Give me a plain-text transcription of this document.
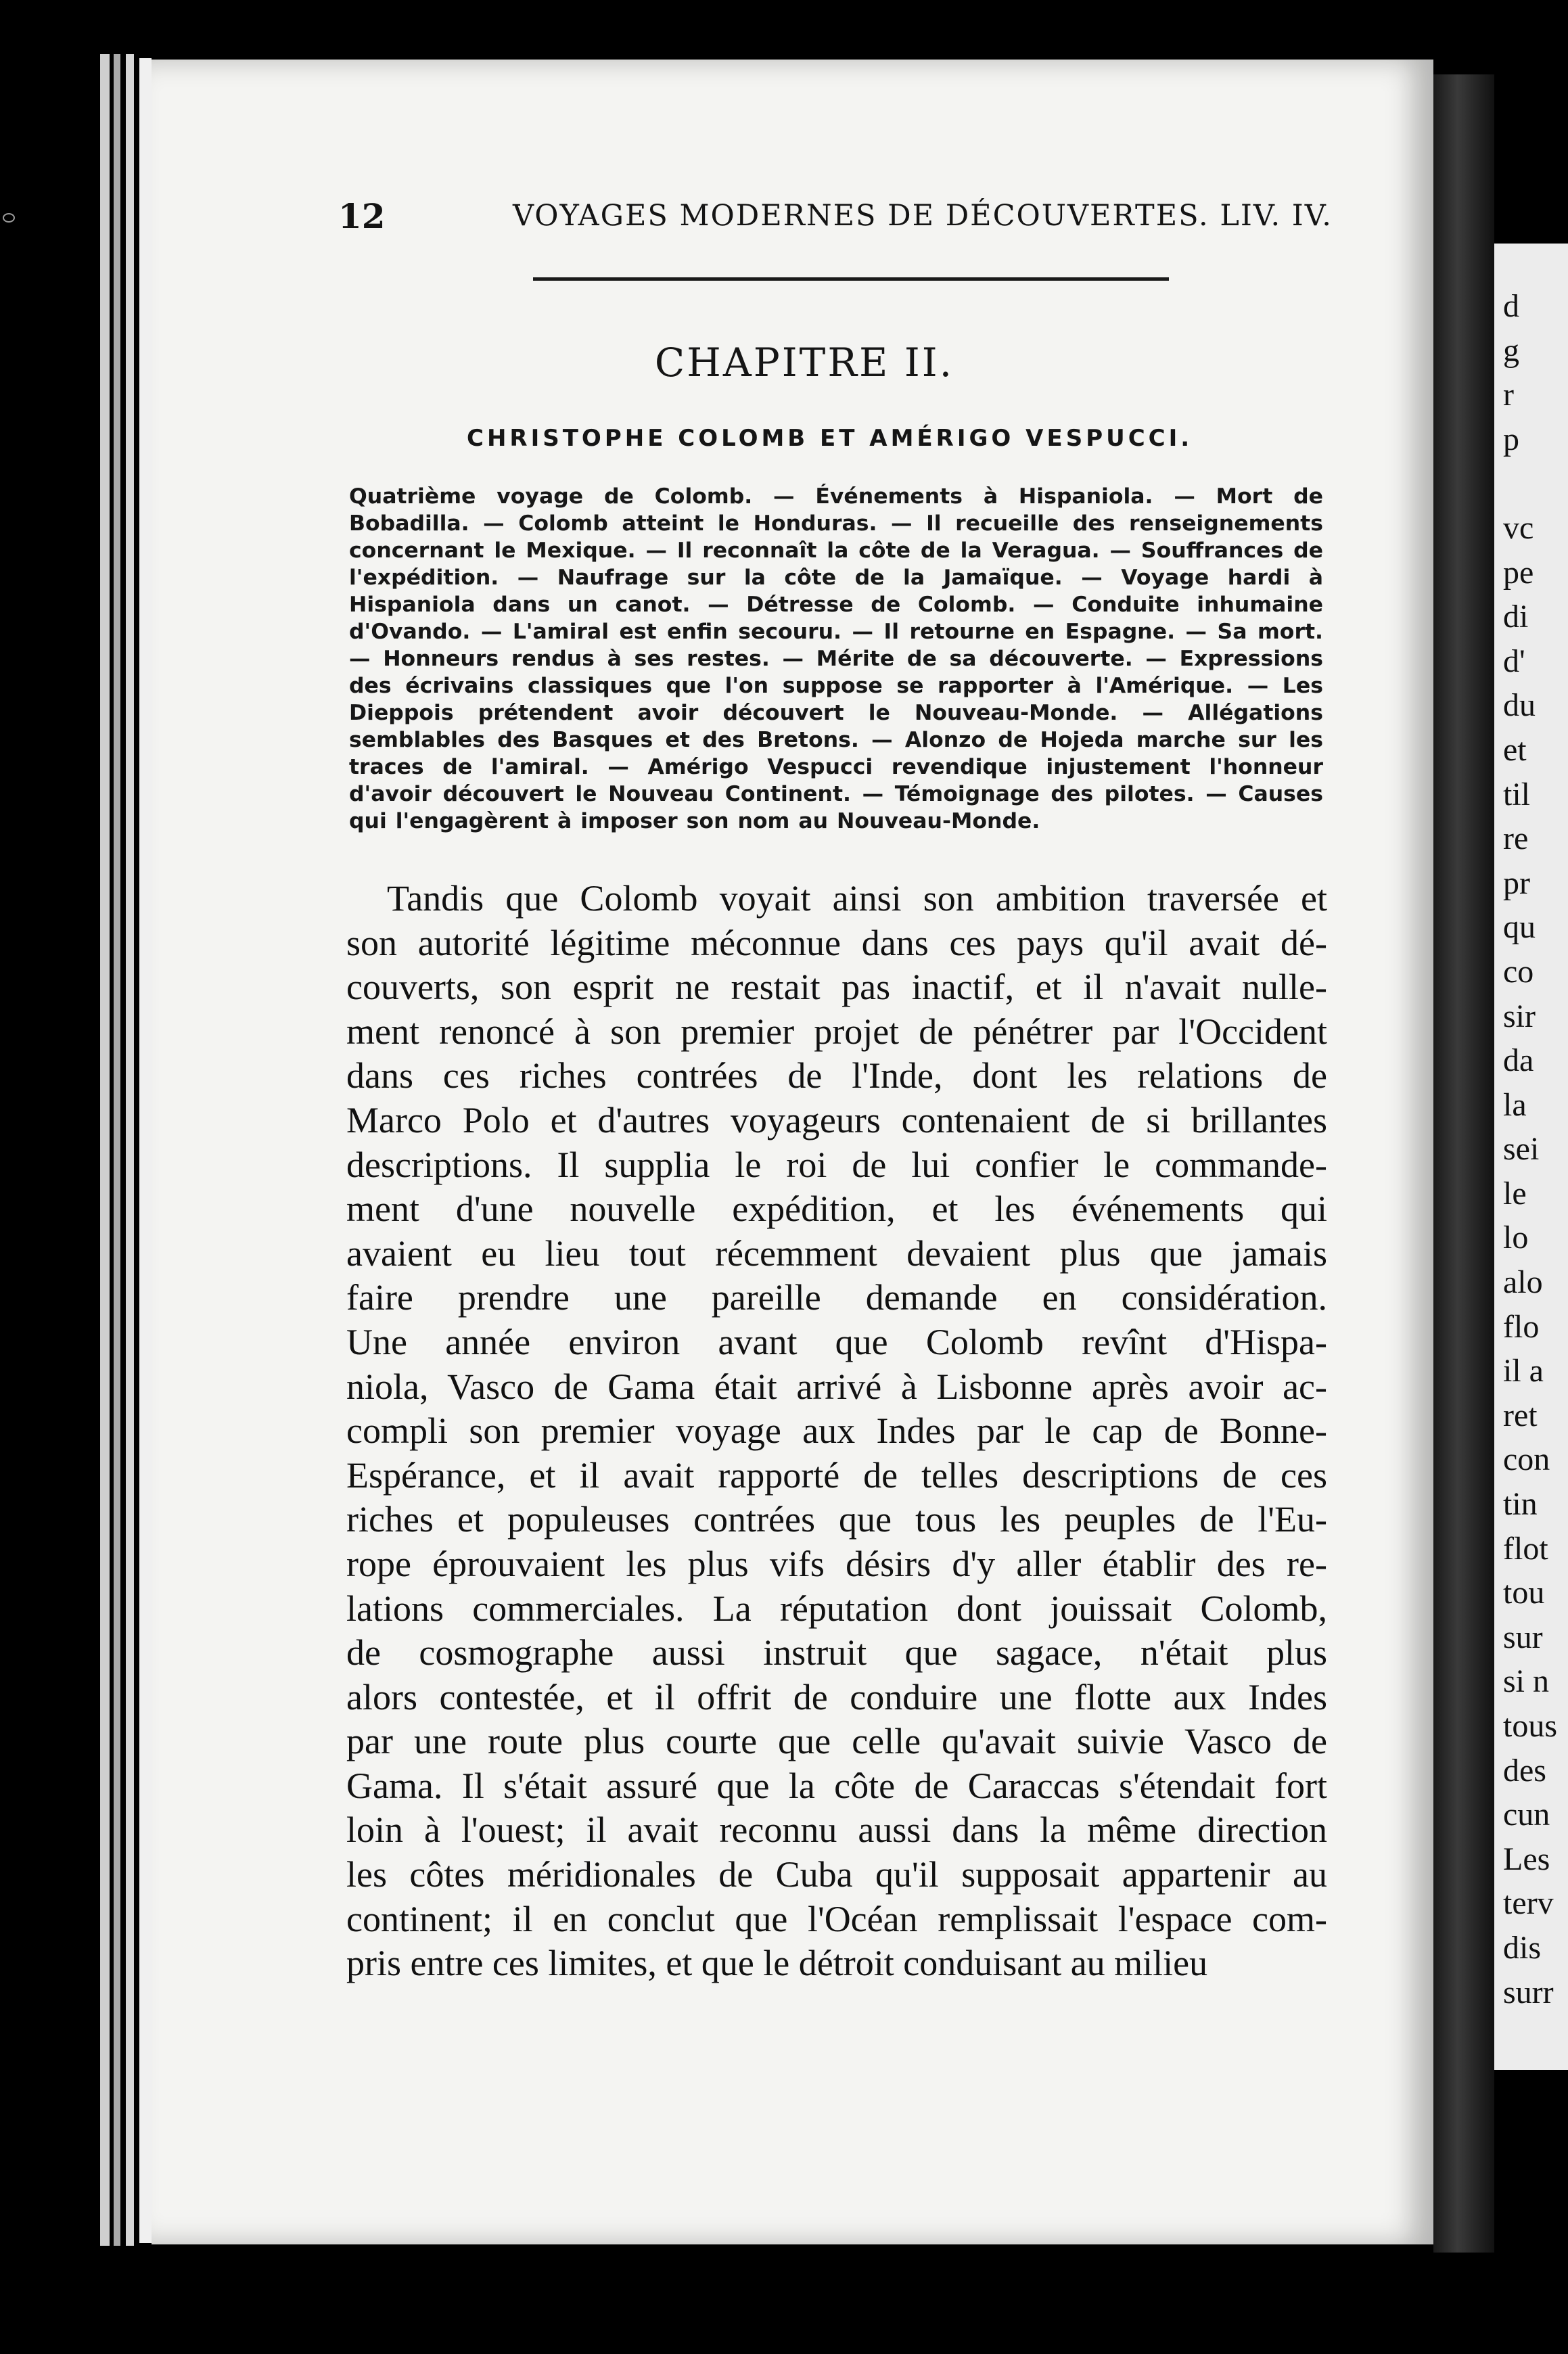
12	VOYAGES MODERNES DE DÉCOUVERTES. LIV. IV.
CHAPITRE II.
CHRISTOPHE COLOMB ET AMÉRIGO VESPUCCI.

Quatrième voyage de Colomb. — Événements à Hispaniola. — Mort de Bobadilla. — Colomb atteint le Honduras. — Il recueille des renseignements concernant le Mexique. — Il reconnaît la côte de la Veragua. — Souffrances de l'expédition. — Naufrage sur la côte de la Jamaïque. — Voyage hardi à Hispaniola dans un canot. — Détresse de Colomb. — Conduite inhumaine d'Ovando. — L'amiral est enfin secouru. — Il retourne en Espagne. — Sa mort. — Honneurs rendus à ses restes. — Mérite de sa découverte. — Expressions des écrivains classiques que l'on suppose se rapporter à l'Amérique. — Les Dieppois prétendent avoir découvert le Nouveau-Monde. — Allégations semblables des Basques et des Bretons. — Alonzo de Hojeda marche sur les traces de l'amiral. — Amérigo Vespucci revendique injustement l'honneur d'avoir découvert le Nouveau Continent. — Témoignage des pilotes. — Causes qui l'engagèrent à imposer son nom au Nouveau-Monde.

Tandis que Colomb voyait ainsi son ambition traversée et
son autorité légitime méconnue dans ces pays qu'il avait dé-
couverts, son esprit ne restait pas inactif, et il n'avait nulle-
ment renoncé à son premier projet de pénétrer par l'Occident
dans ces riches contrées de l'Inde, dont les relations de
Marco Polo et d'autres voyageurs contenaient de si brillantes
descriptions. Il supplia le roi de lui confier le commande-
ment d'une nouvelle expédition, et les événements qui
avaient eu lieu tout récemment devaient plus que jamais
faire prendre une pareille demande en considération.
Une année environ avant que Colomb revînt d'Hispa-
niola, Vasco de Gama était arrivé à Lisbonne après avoir ac-
compli son premier voyage aux Indes par le cap de Bonne-
Espérance, et il avait rapporté de telles descriptions de ces
riches et populeuses contrées que tous les peuples de l'Eu-
rope éprouvaient les plus vifs désirs d'y aller établir des re-
lations commerciales. La réputation dont jouissait Colomb,
de cosmographe aussi instruit que sagace, n'était plus
alors contestée, et il offrit de conduire une flotte aux Indes
par une route plus courte que celle qu'avait suivie Vasco de
Gama. Il s'était assuré que la côte de Caraccas s'étendait fort
loin à l'ouest; il avait reconnu aussi dans la même direction
les côtes méridionales de Cuba qu'il supposait appartenir au
continent; il en conclut que l'Océan remplissait l'espace com-
pris entre ces limites, et que le détroit conduisant au milieu
d
g
r
p
vc
pe
di
d'
du
et
til
re
pr
qu
co
sir
da
la
sei
le
lo
alo
flo
il a
ret
con
tin
flot
tou
sur
si n
tous
des
cun
Les
terv
dis
surr
